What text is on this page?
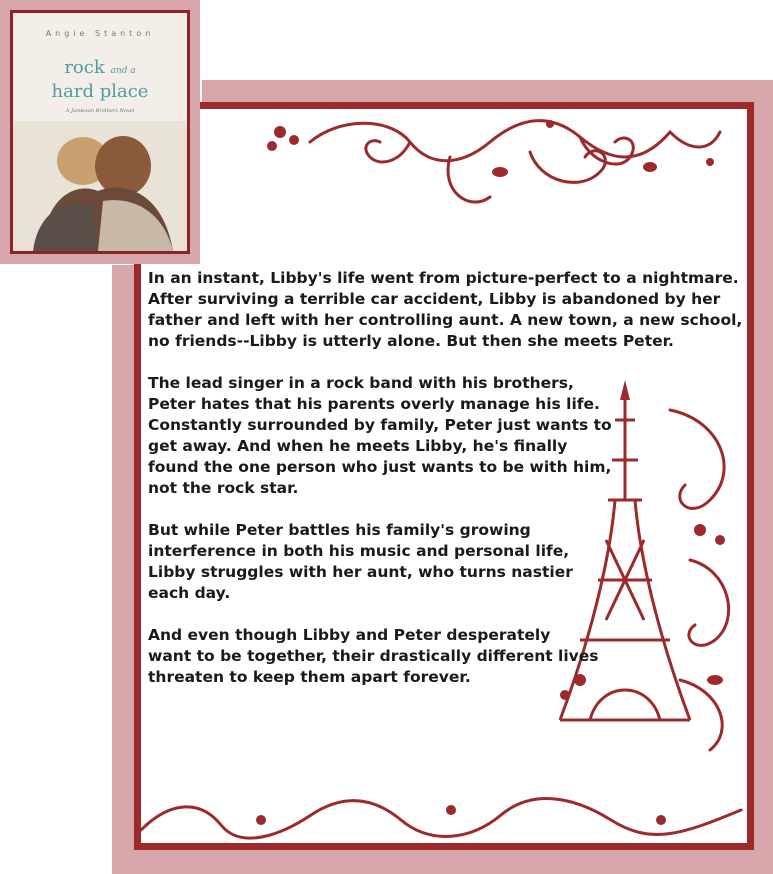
Angie Stanton
rock and a
hard place
A Jamieson Brothers Novel

In an instant, Libby's life went from picture-perfect to a nightmare.
After surviving a terrible car accident, Libby is abandoned by her
father and left with her controlling aunt. A new town, a new school,
no friends--Libby is utterly alone. But then she meets Peter.

The lead singer in a rock band with his brothers,
Peter hates that his parents overly manage his life.
Constantly surrounded by family, Peter just wants to
get away. And when he meets Libby, he's finally
found the one person who just wants to be with him,
not the rock star.

But while Peter battles his family's growing
interference in both his music and personal life,
Libby struggles with her aunt, who turns nastier
each day.

And even though Libby and Peter desperately
want to be together, their drastically different lives
threaten to keep them apart forever.
